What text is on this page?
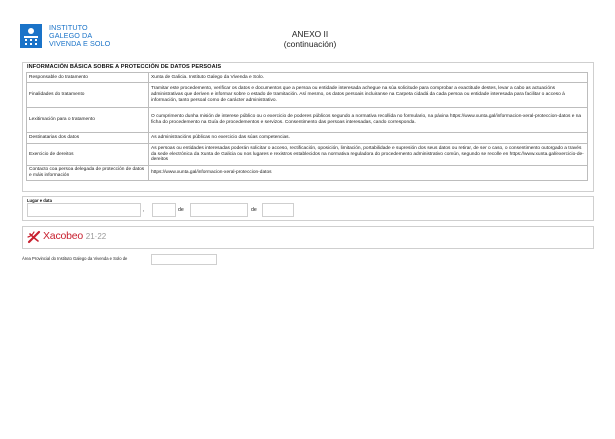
INSTITUTO
GALEGO DA
VIVENDA E SOLO
ANEXO II
(continuación)
INFORMACIÓN BÁSICA SOBRE A PROTECCIÓN DE DATOS PERSOAIS
Responsable do tratamento	Xunta de Galicia. Instituto Galego da Vivenda e Solo.
Finalidades do tratamento	Tramitar este procedemento, verificar os datos e documentos que a persoa ou entidade interesada achegue na súa solicitude para comprobar a exactitude destes, levar a cabo as actuacións administrativas que deriven e informar sobre o estado de tramitación. Así mesmo, os datos persoais incluiranse na Carpeta cidadá da cada persoa ou entidade interesada para facilitar o acceso á información, tanto persoal como de carácter administrativo.
Lexitimación para o tratamento	O cumprimento dunha misión de interese público ou o exercicio de poderes públicos segundo a normativa recollida no formulario, na páxina https://www.xunta.gal/informacion-xeral-proteccion-datos e na ficha do procedemento na Guía de procedementos e servizos. Consentimento das persoas interesadas, cando corresponda.
Destinatarias dos datos	As administracións públicas no exercicio das súas competencias.
Exercicio de dereitos	As persoas ou entidades interesadas poderán solicitar o acceso, rectificación, oposición, limitación, portabilidade e supresión dos seus datos ou retirar, de ser o caso, o consentimento outorgado a través da sede electrónica da Xunta de Galicia ou nos lugares e rexistros establecidos na normativa reguladora do procedemento administrativo común, segundo se recolle en https://www.xunta.gal/exercicio-de-dereitos
Contacto coa persoa delegada de protección de datos e máis información	https://www.xunta.gal/informacion-xeral-proteccion-datos
Lugar e data
,	de	de
Xacobeo 21·22
Área Provincial do Instituto Galego da Vivenda e Solo de
